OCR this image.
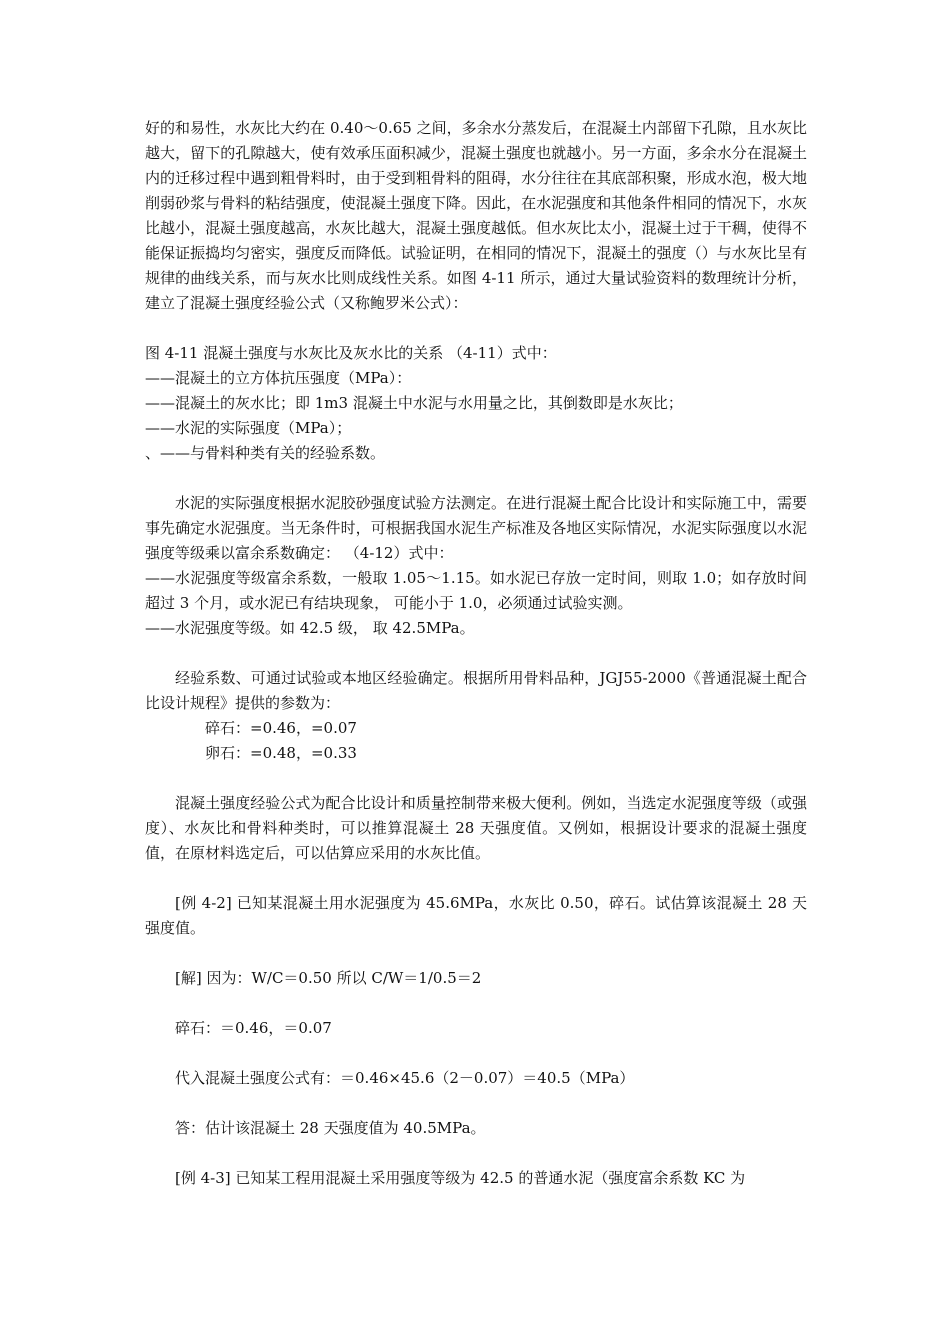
好的和易性，水灰比大约在 0.40～0.65 之间，多余水分蒸发后，在混凝土内部留下孔隙，且水灰比越大，留下的孔隙越大，使有效承压面积减少，混凝土强度也就越小。另一方面，多余水分在混凝土内的迁移过程中遇到粗骨料时，由于受到粗骨料的阻碍，水分往往在其底部积聚，形成水泡，极大地削弱砂浆与骨料的粘结强度，使混凝土强度下降。因此，在水泥强度和其他条件相同的情况下，水灰比越小，混凝土强度越高，水灰比越大，混凝土强度越低。但水灰比太小，混凝土过于干稠，使得不能保证振捣均匀密实，强度反而降低。试验证明，在相同的情况下，混凝土的强度（）与水灰比呈有规律的曲线关系，而与灰水比则成线性关系。如图 4-11 所示，通过大量试验资料的数理统计分析，建立了混凝土强度经验公式（又称鲍罗米公式）：

图 4-11 混凝土强度与水灰比及灰水比的关系 （4-11）式中：

——混凝土的立方体抗压强度（MPa）：

——混凝土的灰水比；即 1m3 混凝土中水泥与水用量之比，其倒数即是水灰比；

——水泥的实际强度（MPa）；

、——与骨料种类有关的经验系数。

水泥的实际强度根据水泥胶砂强度试验方法测定。在进行混凝土配合比设计和实际施工中，需要事先确定水泥强度。当无条件时，可根据我国水泥生产标准及各地区实际情况，水泥实际强度以水泥强度等级乘以富余系数确定： （4-12）式中：

——水泥强度等级富余系数，一般取 1.05～1.15。如水泥已存放一定时间，则取 1.0；如存放时间超过 3 个月，或水泥已有结块现象， 可能小于 1.0，必须通过试验实测。

——水泥强度等级。如 42.5 级， 取 42.5MPa。

经验系数、可通过试验或本地区经验确定。根据所用骨料品种，JGJ55-2000《普通混凝土配合比设计规程》提供的参数为：

碎石：=0.46，=0.07

卵石：=0.48，=0.33

混凝土强度经验公式为配合比设计和质量控制带来极大便利。例如，当选定水泥强度等级（或强度）、水灰比和骨料种类时，可以推算混凝土 28 天强度值。又例如，根据设计要求的混凝土强度值，在原材料选定后，可以估算应采用的水灰比值。

[例 4-2] 已知某混凝土用水泥强度为 45.6MPa，水灰比 0.50，碎石。试估算该混凝土 28 天强度值。

[解] 因为：W/C＝0.50 所以 C/W＝1/0.5＝2

碎石：＝0.46，＝0.07

代入混凝土强度公式有：＝0.46×45.6（2－0.07）＝40.5（MPa）

答：估计该混凝土 28 天强度值为 40.5MPa。

[例 4-3] 已知某工程用混凝土采用强度等级为 42.5 的普通水泥（强度富余系数 KC 为
